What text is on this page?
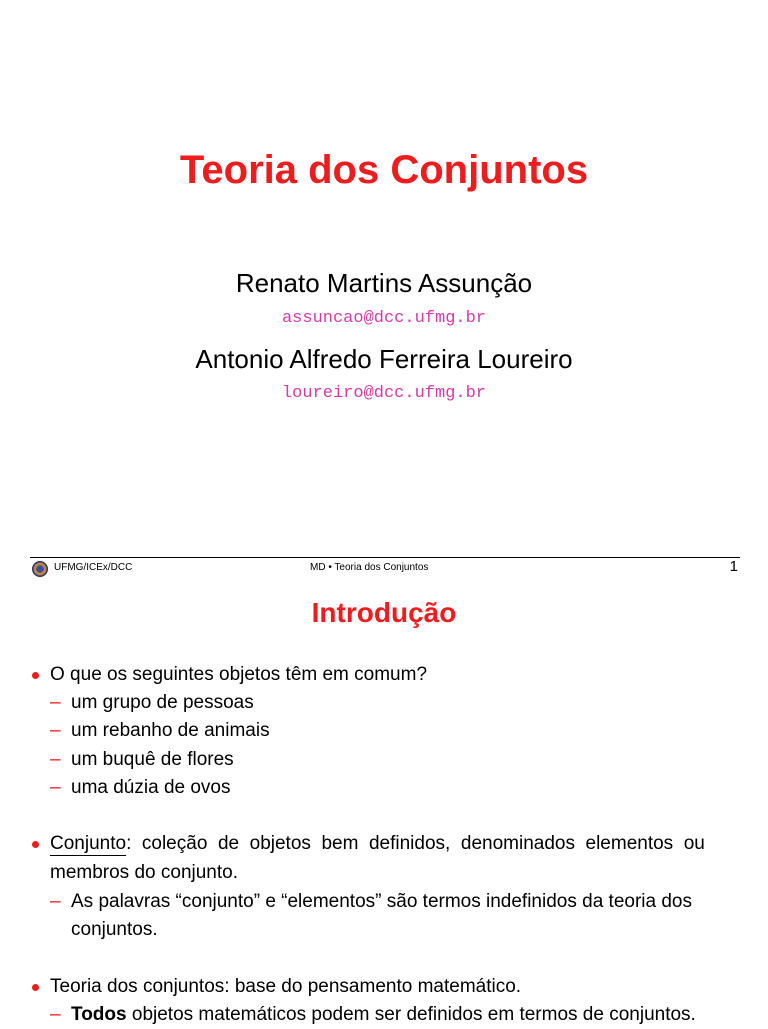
Teoria dos Conjuntos
Renato Martins Assunção
assuncao@dcc.ufmg.br
Antonio Alfredo Ferreira Loureiro
loureiro@dcc.ufmg.br
UFMG/ICEx/DCC	MD • Teoria dos Conjuntos	1
Introdução
O que os seguintes objetos têm em comum?
– um grupo de pessoas
– um rebanho de animais
– um buquê de flores
– uma dúzia de ovos
Conjunto:  coleção  de  objetos  bem  definidos,  denominados  elementos  ou
membros do conjunto.
– As palavras “conjunto” e “elementos” são termos indefinidos da teoria dos
conjuntos.
Teoria dos conjuntos: base do pensamento matemático.
– Todos objetos matemáticos podem ser definidos em termos de conjuntos.
